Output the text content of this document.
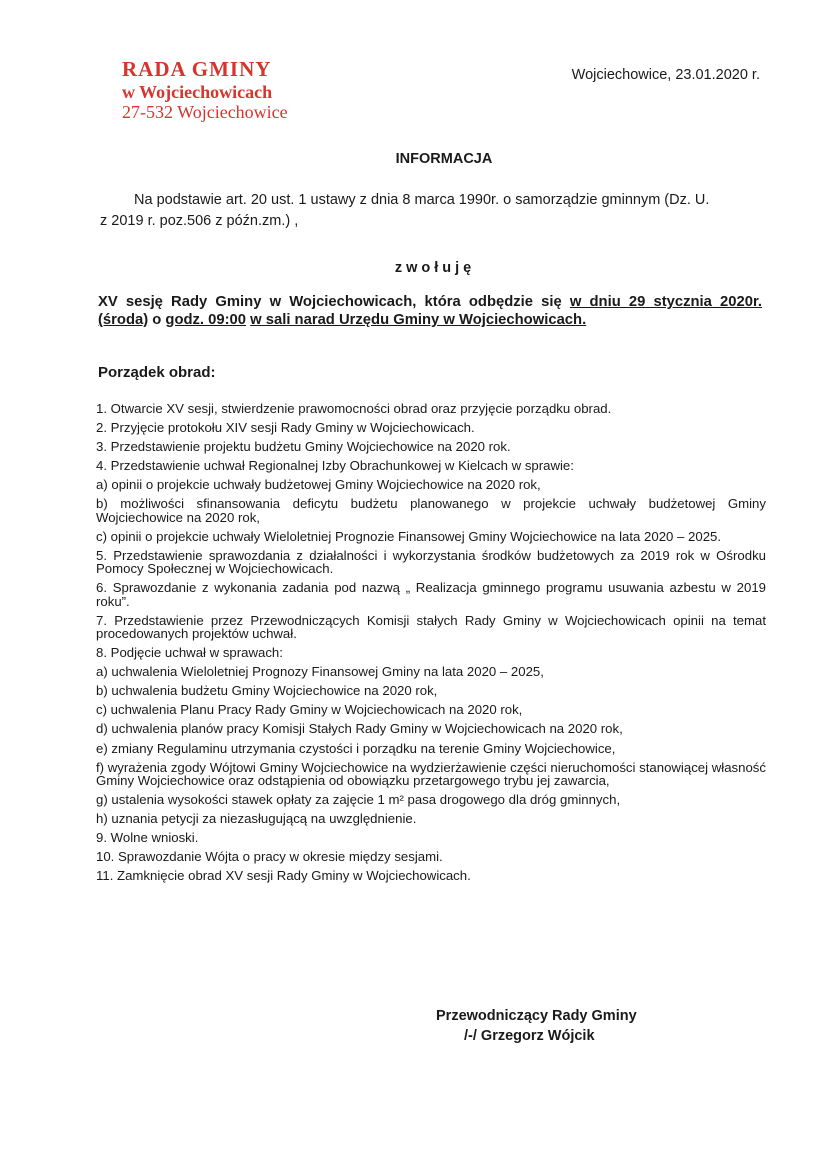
RADA GMINY
w Wojciechowicach
27-532 Wojciechowice
Wojciechowice, 23.01.2020 r.
INFORMACJA
Na podstawie art. 20 ust. 1 ustawy z dnia 8 marca 1990r. o samorządzie gminnym (Dz. U.
z 2019 r. poz.506 z późn.zm.) ,
zwołuję
XV sesję Rady Gminy w Wojciechowicach, która odbędzie się w dniu 29 stycznia 2020r. (środa) o godz. 09:00 w sali narad Urzędu Gminy w Wojciechowicach.
Porządek obrad:
1. Otwarcie XV sesji, stwierdzenie prawomocności obrad oraz przyjęcie porządku obrad.
2. Przyjęcie protokołu XIV sesji Rady Gminy w Wojciechowicach.
3. Przedstawienie projektu budżetu Gminy Wojciechowice na 2020 rok.
4. Przedstawienie uchwał Regionalnej Izby Obrachunkowej w Kielcach w sprawie:
a) opinii o projekcie uchwały budżetowej Gminy Wojciechowice na 2020 rok,
b) możliwości sfinansowania deficytu budżetu planowanego w projekcie uchwały budżetowej Gminy Wojciechowice na 2020 rok,
c) opinii o projekcie uchwały Wieloletniej Prognozie Finansowej Gminy Wojciechowice na lata 2020 – 2025.
5. Przedstawienie sprawozdania z działalności i wykorzystania środków budżetowych za 2019 rok w Ośrodku Pomocy Społecznej w Wojciechowicach.
6. Sprawozdanie z wykonania zadania pod nazwą „ Realizacja gminnego programu usuwania azbestu w 2019 roku”.
7. Przedstawienie przez Przewodniczących Komisji stałych Rady Gminy w Wojciechowicach opinii na temat procedowanych projektów uchwał.
8. Podjęcie uchwał w sprawach:
a) uchwalenia Wieloletniej Prognozy Finansowej Gminy na lata 2020 – 2025,
b) uchwalenia budżetu Gminy Wojciechowice na 2020 rok,
c) uchwalenia Planu Pracy Rady Gminy w Wojciechowicach na 2020 rok,
d) uchwalenia planów pracy Komisji Stałych Rady Gminy w Wojciechowicach na 2020 rok,
e) zmiany Regulaminu utrzymania czystości i porządku na terenie Gminy Wojciechowice,
f) wyrażenia zgody Wójtowi Gminy Wojciechowice na wydzierżawienie części nieruchomości stanowiącej własność Gminy Wojciechowice oraz odstąpienia od obowiązku przetargowego trybu jej zawarcia,
g) ustalenia wysokości stawek opłaty za zajęcie 1 m² pasa drogowego dla dróg gminnych,
h) uznania petycji za niezasługującą na uwzględnienie.
9. Wolne wnioski.
10. Sprawozdanie Wójta o pracy w okresie między sesjami.
11. Zamknięcie obrad XV sesji Rady Gminy w Wojciechowicach.
Przewodniczący Rady Gminy
/-/ Grzegorz Wójcik
